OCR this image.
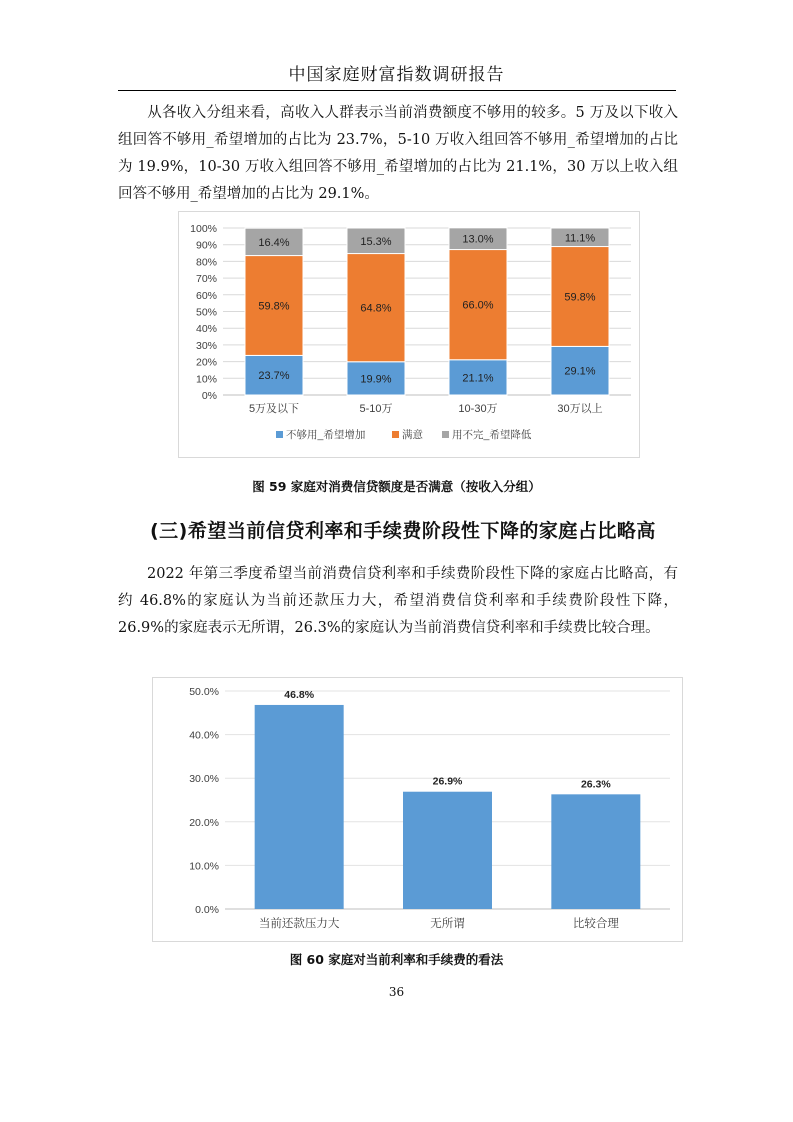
中国家庭财富指数调研报告

从各收入分组来看，高收入人群表示当前消费额度不够用的较多。5 万及以下收入组回答不够用_希望增加的占比为 23.7%，5-10 万收入组回答不够用_希望增加的占比为 19.9%，10-30 万收入组回答不够用_希望增加的占比为 21.1%，30 万以上收入组回答不够用_希望增加的占比为 29.1%。

0%
10%
20%
30%
40%
50%
60%
70%
80%
90%
100%
23.7%
59.8%
16.4%
5万及以下
19.9%
64.8%
15.3%
5-10万
21.1%
66.0%
13.0%
10-30万
29.1%
59.8%
11.1%
30万以上
不够用_希望增加	满意	用不完_希望降低
图 59 家庭对消费信贷额度是否满意（按收入分组）
(三)希望当前信贷利率和手续费阶段性下降的家庭占比略高

2022 年第三季度希望当前消费信贷利率和手续费阶段性下降的家庭占比略高，有约 46.8%的家庭认为当前还款压力大，希望消费信贷利率和手续费阶段性下降，26.9%的家庭表示无所谓，26.3%的家庭认为当前消费信贷利率和手续费比较合理。

0.0%
10.0%
20.0%
30.0%
40.0%
50.0%	46.8%
当前还款压力大
26.9%
无所谓
26.3%
比较合理
图 60 家庭对当前利率和手续费的看法
36
